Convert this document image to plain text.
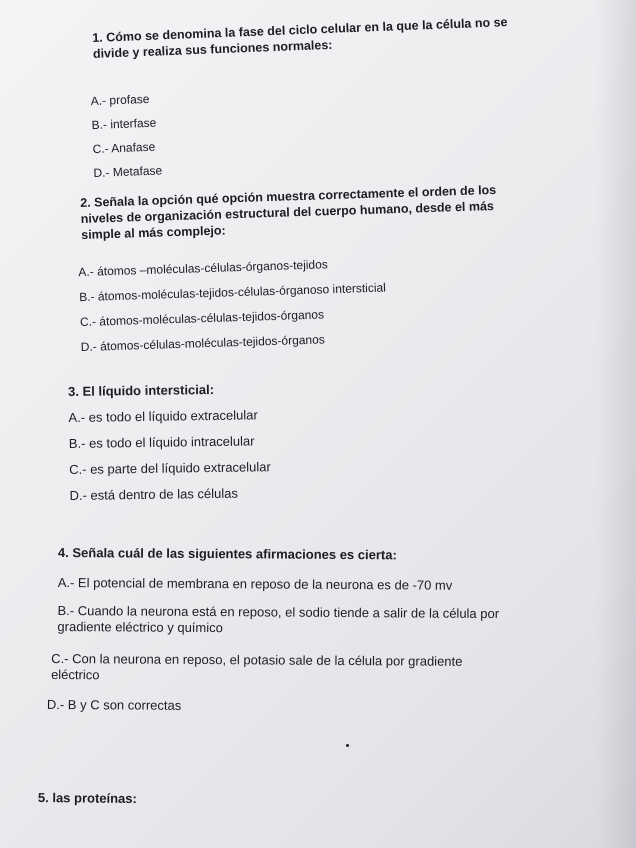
1. Cómo se denomina la fase del ciclo celular en la que la célula no se
divide y realiza sus funciones normales:

A.- profase
B.- interfase
C.- Anafase
D.- Metafase

2. Señala la opción qué opción muestra correctamente el orden de los
niveles de organización estructural del cuerpo humano, desde el más
simple al más complejo:

A.- átomos –moléculas-células-órganos-tejidos
B.- átomos-moléculas-tejidos-células-órganoso intersticial
C.- átomos-moléculas-células-tejidos-órganos
D.- átomos-células-moléculas-tejidos-órganos

3. El líquido intersticial:

A.- es todo el líquido extracelular
B.- es todo el líquido intracelular
C.- es parte del líquido extracelular
D.- está dentro de las células

4. Señala cuál de las siguientes afirmaciones es cierta:

A.- El potencial de membrana en reposo de la neurona es de -70 mv
B.- Cuando la neurona está en reposo, el sodio tiende a salir de la célula por gradiente eléctrico y químico
C.- Con la neurona en reposo, el potasio sale de la célula por gradiente eléctrico
D.- B y C son correctas

5. las proteínas:
